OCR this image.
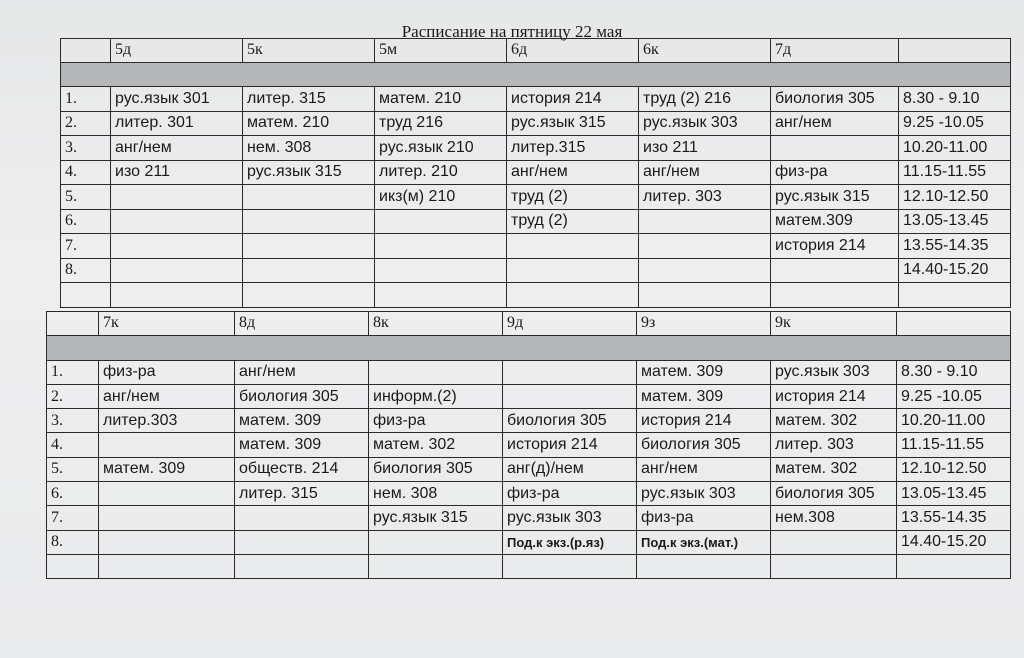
Расписание на пятницу 22 мая
	5д	5к	5м	6д	6к	7д	

1.	рус.язык 301	литер. 315	матем. 210	история 214	труд (2) 216	биология 305	8.30 - 9.10
2.	литер. 301	матем. 210	труд 216	рус.язык 315	рус.язык 303	анг/нем	9.25 -10.05
3.	анг/нем	нем. 308	рус.язык 210	литер.315	изо 211		10.20-11.00
4.	изо 211	рус.язык 315	литер. 210	анг/нем	анг/нем	физ-ра	11.15-11.55
5.			икз(м) 210	труд (2)	литер. 303	рус.язык 315	12.10-12.50
6.				труд (2)		матем.309	13.05-13.45
7.						история 214	13.55-14.35
8.							14.40-15.20

	7к	8д	8к	9д	9з	9к	

1.	физ-ра	анг/нем			матем. 309	рус.язык 303	8.30 - 9.10
2.	анг/нем	биология 305	информ.(2)		матем. 309	история 214	9.25 -10.05
3.	литер.303	матем. 309	физ-ра	биология 305	история 214	матем. 302	10.20-11.00
4.		матем. 309	матем. 302	история 214	биология 305	литер. 303	11.15-11.55
5.	матем. 309	обществ. 214	биология 305	анг(д)/нем	анг/нем	матем. 302	12.10-12.50
6.		литер. 315	нем. 308	физ-ра	рус.язык 303	биология 305	13.05-13.45
7.			рус.язык 315	рус.язык 303	физ-ра	нем.308	13.55-14.35
8.				Под.к экз.(р.яз)	Под.к экз.(мат.)		14.40-15.20
